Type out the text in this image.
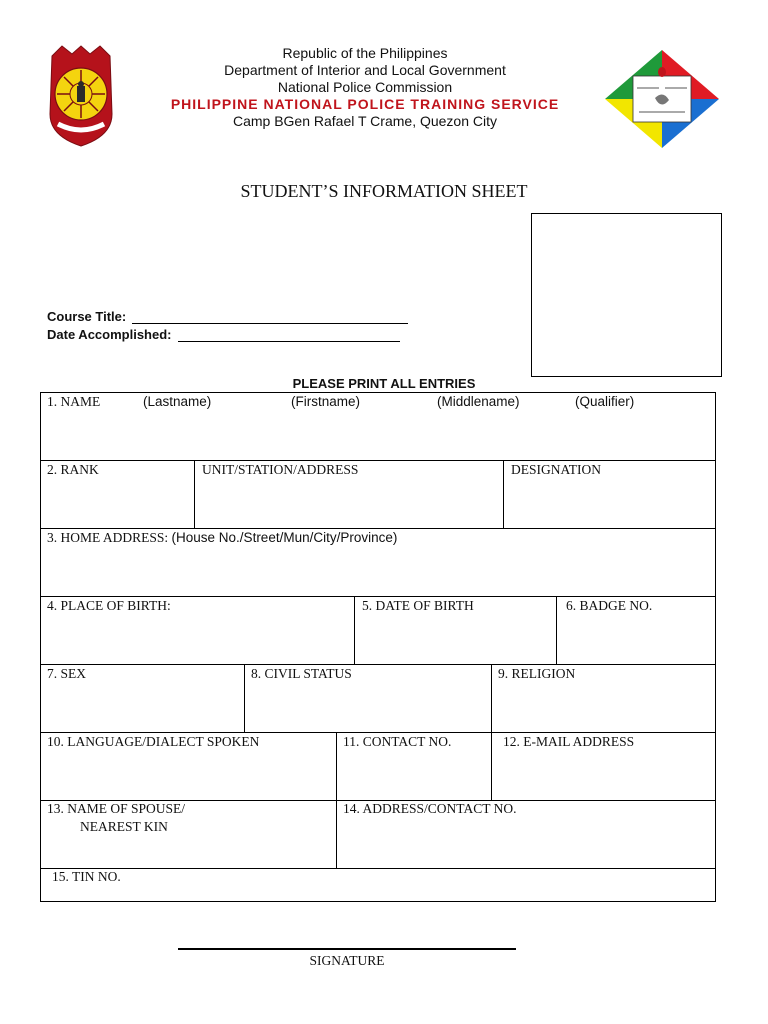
Republic of the Philippines
Department of Interior and Local Government
National Police Commission
PHILIPPINE NATIONAL POLICE TRAINING SERVICE
Camp BGen Rafael T Crame, Quezon City
STUDENT’S INFORMATION SHEET
Course Title:
Date Accomplished:
PLEASE PRINT ALL ENTRIES
1. NAME	(Lastname)	(Firstname)	(Middlename)	(Qualifier)
2. RANK	UNIT/STATION/ADDRESS	DESIGNATION
3. HOME ADDRESS: (House No./Street/Mun/City/Province)
4. PLACE OF BIRTH:	5. DATE OF BIRTH	6. BADGE NO.
7. SEX	8. CIVIL STATUS	9. RELIGION
10. LANGUAGE/DIALECT SPOKEN	11. CONTACT NO.	12. E-MAIL ADDRESS
13. NAME OF SPOUSE/
NEAREST KIN
14. ADDRESS/CONTACT NO.
15. TIN NO.
SIGNATURE
